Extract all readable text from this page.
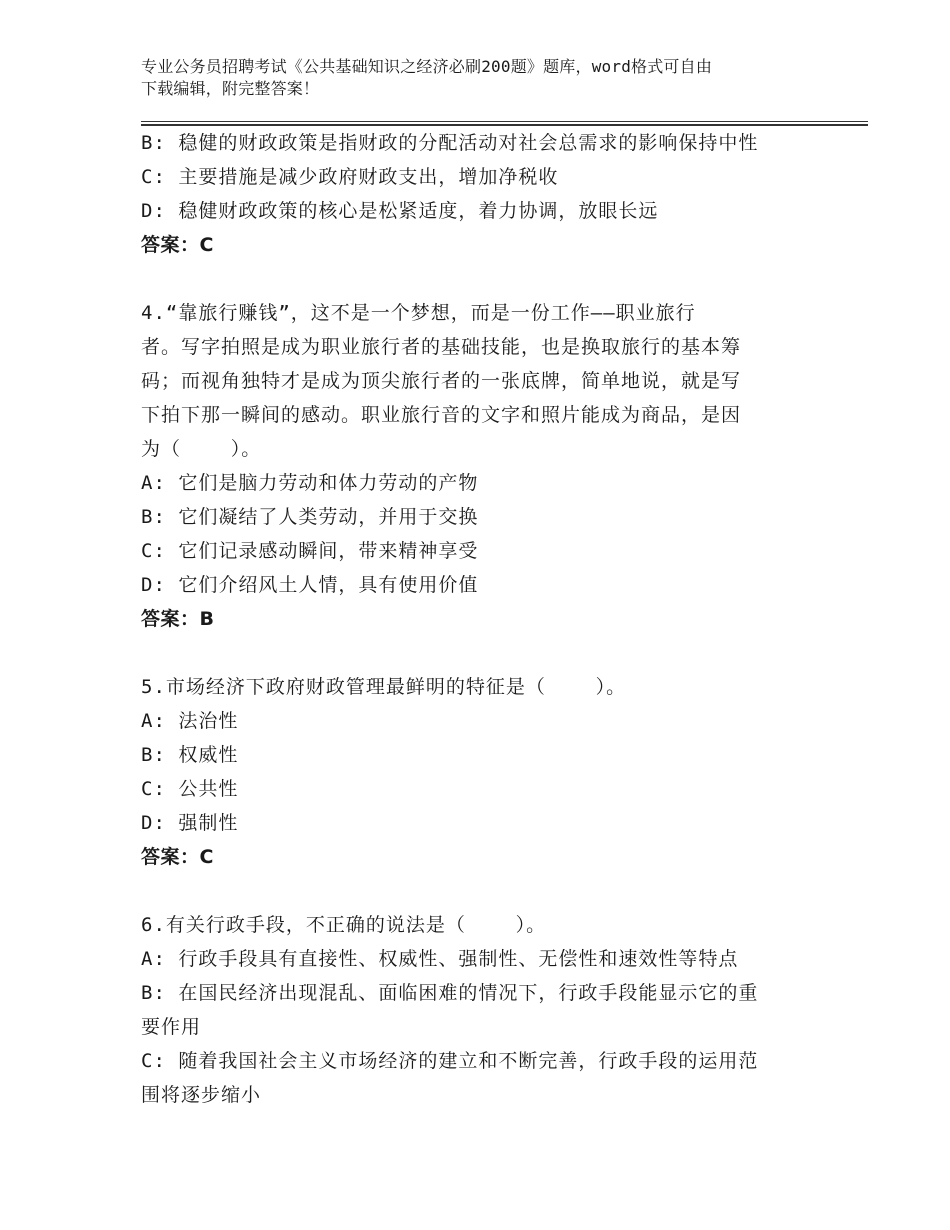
专业公务员招聘考试《公共基础知识之经济必刷200题》题库，word格式可自由
下载编辑，附完整答案！
B: 稳健的财政政策是指财政的分配活动对社会总需求的影响保持中性
C: 主要措施是减少政府财政支出，增加净税收
D: 稳健财政政策的核心是松紧适度，着力协调，放眼长远
答案：C
4.“靠旅行赚钱”，这不是一个梦想，而是一份工作——职业旅行
者。写字拍照是成为职业旅行者的基础技能，也是换取旅行的基本筹
码；而视角独特才是成为顶尖旅行者的一张底牌，简单地说，就是写
下拍下那一瞬间的感动。职业旅行音的文字和照片能成为商品，是因
为（    ）。
A: 它们是脑力劳动和体力劳动的产物
B: 它们凝结了人类劳动，并用于交换
C: 它们记录感动瞬间，带来精神享受
D: 它们介绍风土人情，具有使用价值
答案：B
5.市场经济下政府财政管理最鲜明的特征是（    ）。
A: 法治性
B: 权威性
C: 公共性
D: 强制性
答案：C
6.有关行政手段，不正确的说法是（    ）。
A: 行政手段具有直接性、权威性、强制性、无偿性和速效性等特点
B: 在国民经济出现混乱、面临困难的情况下，行政手段能显示它的重
要作用
C: 随着我国社会主义市场经济的建立和不断完善，行政手段的运用范
围将逐步缩小
